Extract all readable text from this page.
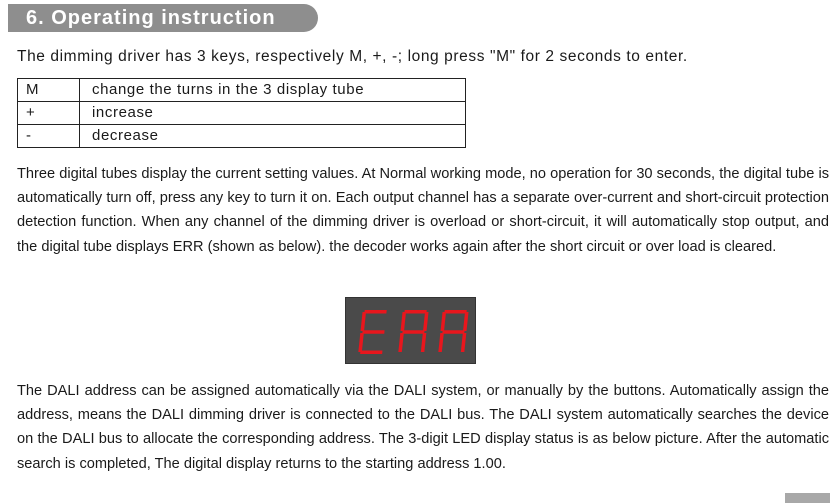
6. Operating instruction
The dimming driver has 3 keys, respectively M, +, -; long press "M" for 2 seconds to enter.
M	change the turns in the 3 display tube
+	increase
-	decrease
Three digital tubes display the current setting values. At Normal working mode, no operation for 30 seconds, the digital tube is automatically turn off, press any key to turn it on. Each output channel has a separate over-current and short-circuit protection detection function. When any channel of the dimming driver is overload or short-circuit, it will automatically stop output, and the digital tube displays ERR (shown as below). the decoder works again after the short circuit or over load is cleared.
The DALI address can be assigned automatically via the DALI system, or manually by the buttons. Automatically assign the address, means the DALI dimming driver is connected to the DALI bus. The DALI system automatically searches the device on the DALI bus to allocate the corresponding address. The 3-digit LED display status is as below picture. After the automatic search is completed, The digital display returns to the starting address 1.00.
